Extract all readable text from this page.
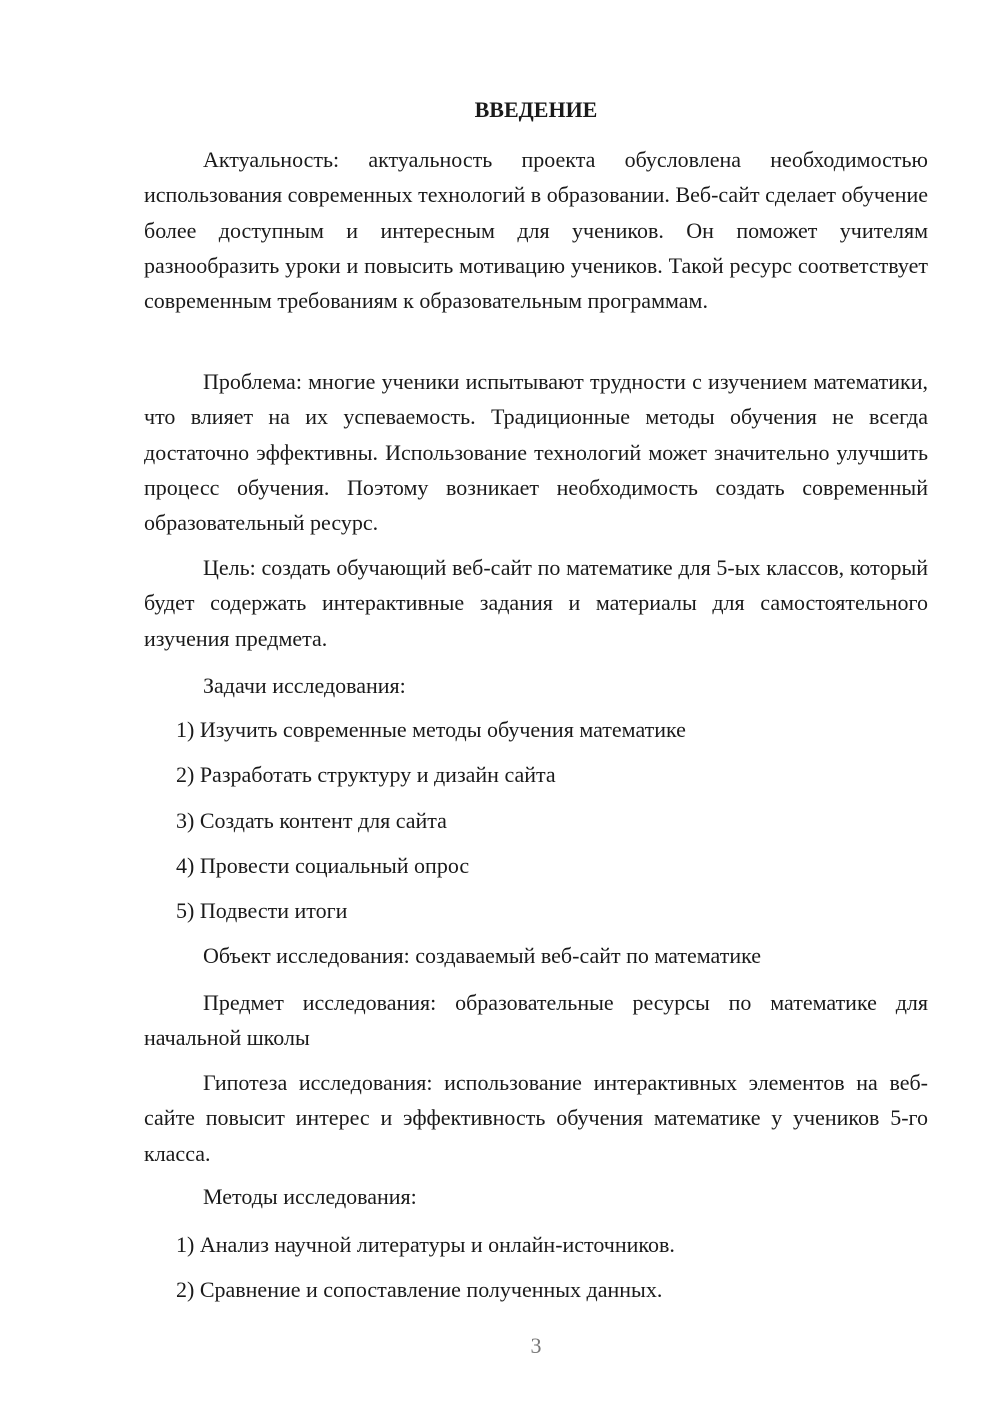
ВВЕДЕНИЕ

Актуальность: актуальность проекта обусловлена необходимостью использования современных технологий в образовании. Веб-сайт сделает обучение более доступным и интересным для учеников. Он поможет учителям разнообразить уроки и повысить мотивацию учеников. Такой ресурс соответствует современным требованиям к образовательным программам.

Проблема: многие ученики испытывают трудности с изучением математики, что влияет на их успеваемость. Традиционные методы обучения не всегда достаточно эффективны. Использование технологий может значительно улучшить процесс обучения. Поэтому возникает необходимость создать современный образовательный ресурс.

Цель: создать обучающий веб-сайт по математике для 5-ых классов, который будет содержать интерактивные задания и материалы для самостоятельного изучения предмета.

Задачи исследования:
1) Изучить современные методы обучения математике
2) Разработать структуру и дизайн сайта
3) Создать контент для сайта
4) Провести социальный опрос
5) Подвести итоги
Объект исследования: создаваемый веб-сайт по математике

Предмет исследования: образовательные ресурсы по математике для начальной школы

Гипотеза исследования: использование интерактивных элементов на веб-сайте повысит интерес и эффективность обучения математике у учеников 5-го класса.

Методы исследования:
1) Анализ научной литературы и онлайн-источников.
2) Сравнение и сопоставление полученных данных.
3
